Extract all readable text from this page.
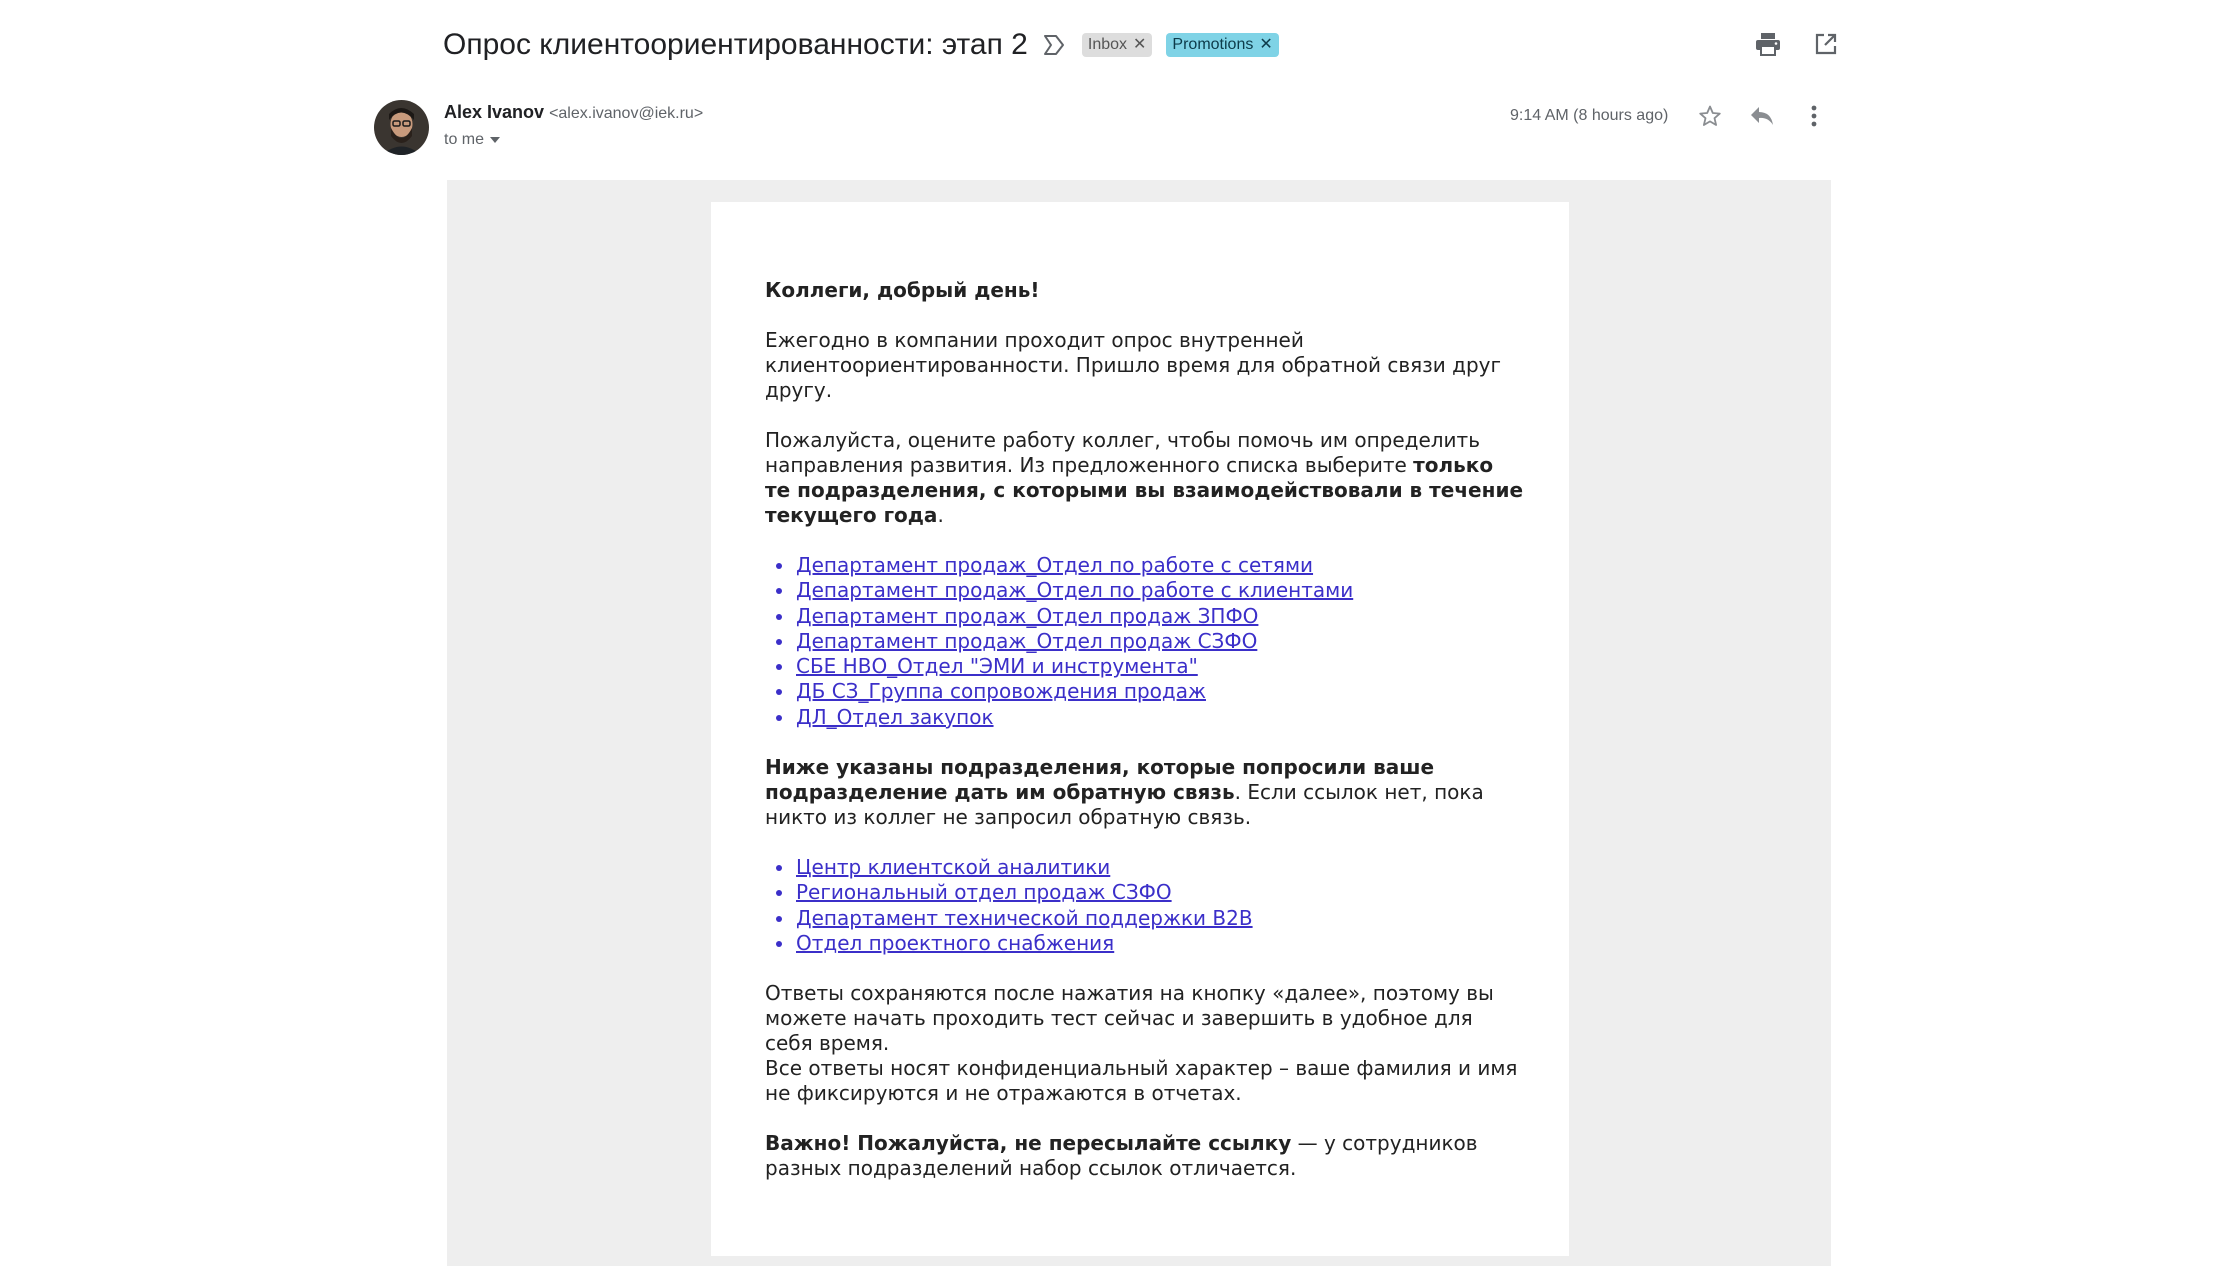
Опрос клиентоориентированности: этап 2	Inbox ✕ Promotions ✕
Alex Ivanov <alex.ivanov@iek.ru>
to me
9:14 AM (8 hours ago)

Коллеги, добрый день!

Ежегодно в компании проходит опрос внутренней клиентоориентированности. Пришло время для обратной связи друг другу.

Пожалуйста, оцените работу коллег, чтобы помочь им определить направления развития. Из предложенного списка выберите только те подразделения, с которыми вы взаимодействовали в течение текущего года.

Департамент продаж_Отдел по работе с сетями
Департамент продаж_Отдел по работе с клиентами
Департамент продаж_Отдел продаж ЗПФО
Департамент продаж_Отдел продаж СЗФО
СБЕ НВО_Отдел "ЭМИ и инструмента"
ДБ СЗ_Группа сопровождения продаж
ДЛ_Отдел закупок

Ниже указаны подразделения, которые попросили ваше подразделение дать им обратную связь. Если ссылок нет, пока никто из коллег не запросил обратную связь.

Центр клиентской аналитики
Региональный отдел продаж СЗФО
Департамент технической поддержки B2B
Отдел проектного снабжения

Ответы сохраняются после нажатия на кнопку «далее», поэтому вы можете начать проходить тест сейчас и завершить в удобное для себя время.

Все ответы носят конфиденциальный характер – ваше фамилия и имя не фиксируются и не отражаются в отчетах.

Важно! Пожалуйста, не пересылайте ссылку — у сотрудников разных подразделений набор ссылок отличается.
